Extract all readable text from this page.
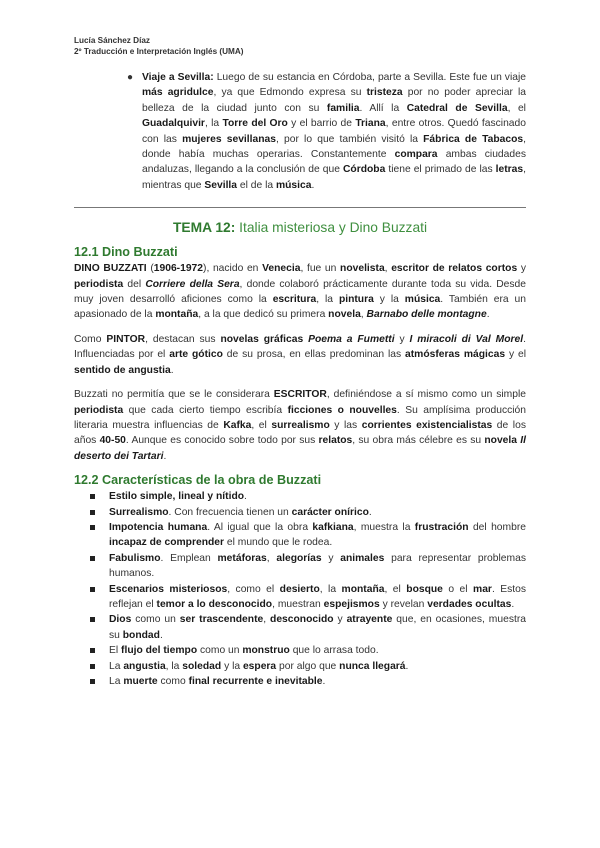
Lucía Sánchez Díaz
2º Traducción e Interpretación Inglés (UMA)
● Viaje a Sevilla: Luego de su estancia en Córdoba, parte a Sevilla. Este fue un viaje más agridulce, ya que Edmondo expresa su tristeza por no poder apreciar la belleza de la ciudad junto con su familia. Allí la Catedral de Sevilla, el Guadalquivir, la Torre del Oro y el barrio de Triana, entre otros. Quedó fascinado con las mujeres sevillanas, por lo que también visitó la Fábrica de Tabacos, donde había muchas operarias. Constantemente compara ambas ciudades andaluzas, llegando a la conclusión de que Córdoba tiene el primado de las letras, mientras que Sevilla el de la música.
TEMA 12: Italia misteriosa y Dino Buzzati
12.1 Dino Buzzati

DINO BUZZATI (1906-1972), nacido en Venecia, fue un novelista, escritor de relatos cortos y periodista del Corriere della Sera, donde colaboró prácticamente durante toda su vida. Desde muy joven desarrolló aficiones como la escritura, la pintura y la música. También era un apasionado de la montaña, a la que dedicó su primera novela, Barnabo delle montagne.

Como PINTOR, destacan sus novelas gráficas Poema a Fumetti y I miracoli di Val Morel. Influenciadas por el arte gótico de su prosa, en ellas predominan las atmósferas mágicas y el sentido de angustia.

Buzzati no permitía que se le considerara ESCRITOR, definiéndose a sí mismo como un simple periodista que cada cierto tiempo escribía ficciones o nouvelles. Su amplísima producción literaria muestra influencias de Kafka, el surrealismo y las corrientes existencialistas de los años 40-50. Aunque es conocido sobre todo por sus relatos, su obra más célebre es su novela Il deserto dei Tartari.

12.2 Características de la obra de Buzzati
Estilo simple, lineal y nítido.
Surrealismo. Con frecuencia tienen un carácter onírico.
Impotencia humana. Al igual que la obra kafkiana, muestra la frustración del hombre incapaz de comprender el mundo que le rodea.
Fabulismo. Emplean metáforas, alegorías y animales para representar problemas humanos.
Escenarios misteriosos, como el desierto, la montaña, el bosque o el mar. Estos reflejan el temor a lo desconocido, muestran espejismos y revelan verdades ocultas.
Dios como un ser trascendente, desconocido y atrayente que, en ocasiones, muestra su bondad.
El flujo del tiempo como un monstruo que lo arrasa todo.
La angustia, la soledad y la espera por algo que nunca llegará.
La muerte como final recurrente e inevitable.
